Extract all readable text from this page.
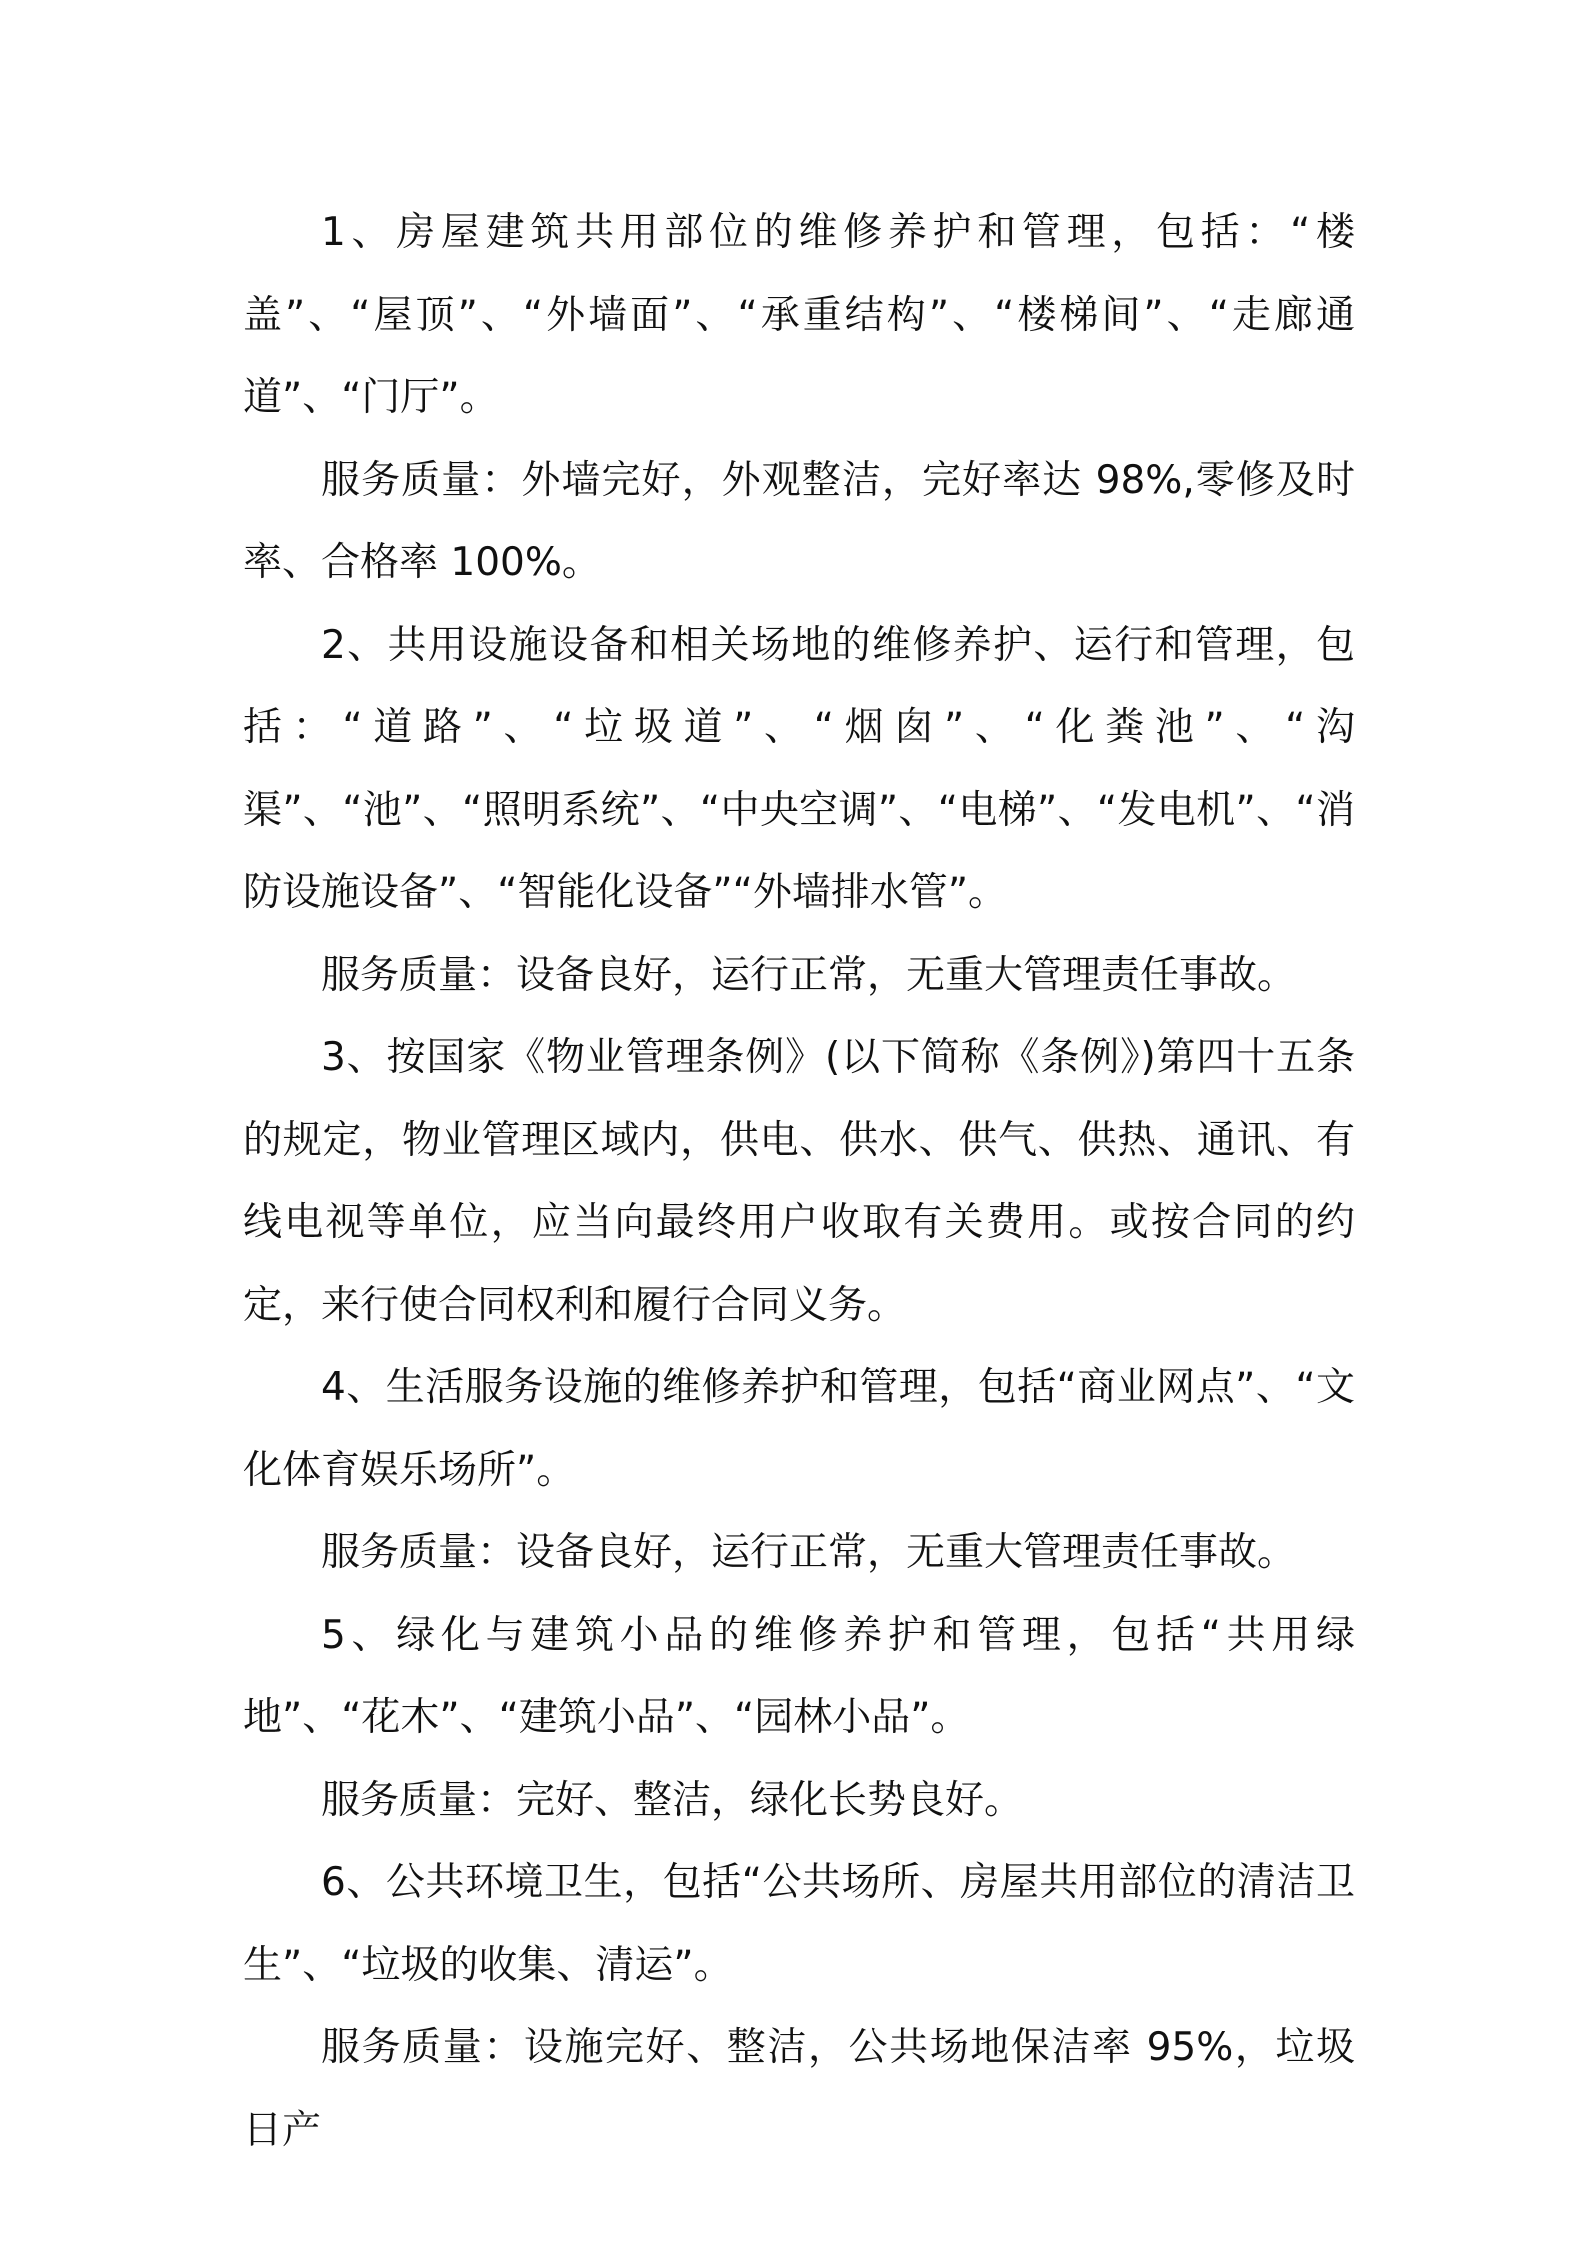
1、房屋建筑共用部位的维修养护和管理，包括：“楼盖”、“屋顶”、“外墙面”、“承重结构”、“楼梯间”、“走廊通道”、“门厅”。

服务质量：外墙完好，外观整洁，完好率达 98%,零修及时率、合格率 100%。

2、共用设施设备和相关场地的维修养护、运行和管理，包括：“道路”、“垃圾道”、“烟囱”、“化粪池”、“沟渠”、“池”、“照明系统”、“中央空调”、“电梯”、“发电机”、“消防设施设备”、“智能化设备”“外墙排水管”。

服务质量：设备良好，运行正常，无重大管理责任事故。

3、按国家《物业管理条例》(以下简称《条例》)第四十五条的规定，物业管理区域内，供电、供水、供气、供热、通讯、有线电视等单位，应当向最终用户收取有关费用。或按合同的约定，来行使合同权利和履行合同义务。

4、生活服务设施的维修养护和管理，包括“商业网点”、“文化体育娱乐场所”。

服务质量：设备良好，运行正常，无重大管理责任事故。

5、绿化与建筑小品的维修养护和管理，包括“共用绿地”、“花木”、“建筑小品”、“园林小品”。

服务质量：完好、整洁，绿化长势良好。

6、公共环境卫生，包括“公共场所、房屋共用部位的清洁卫生”、“垃圾的收集、清运”。

服务质量：设施完好、整洁，公共场地保洁率 95%，垃圾日产
